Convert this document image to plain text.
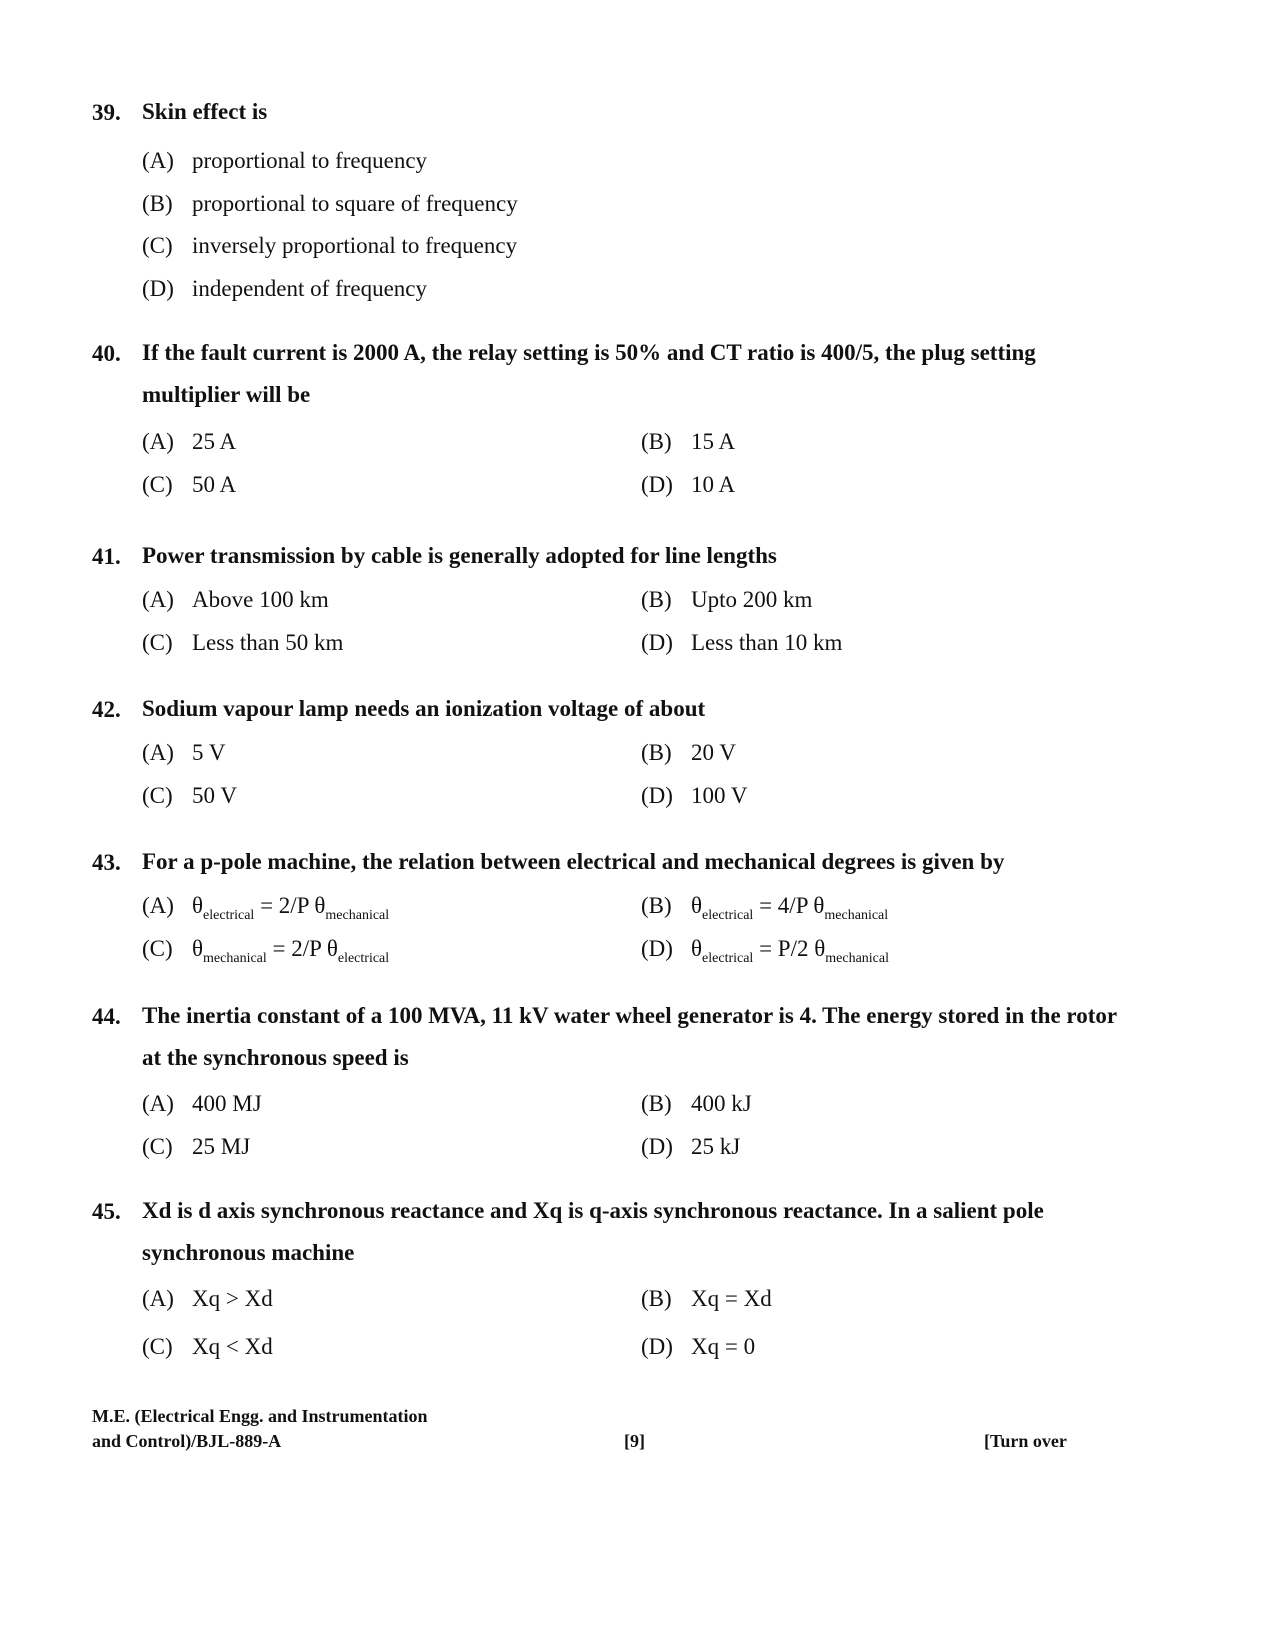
39. Skin effect is
(A) proportional to frequency
(B) proportional to square of frequency
(C) inversely proportional to frequency
(D) independent of frequency
40. If the fault current is 2000 A, the relay setting is 50% and CT ratio is 400/5, the plug setting multiplier will be
(A) 25 A	(B) 15 A
(C) 50 A	(D) 10 A
41. Power transmission by cable is generally adopted for line lengths
(A) Above 100 km	(B) Upto 200 km
(C) Less than 50 km	(D) Less than 10 km
42. Sodium vapour lamp needs an ionization voltage of about
(A) 5 V	(B) 20 V
(C) 50 V	(D) 100 V
43. For a p-pole machine, the relation between electrical and mechanical degrees is given by
(A) $\theta_{electrical} = 2/P$ $\theta_{mechanical}$	(B) $\theta_{electrical} = 4/P$ $\theta_{mechanical}$
(C) $\theta_{mechanical} = 2/P$ $\theta_{electrical}$	(D) $\theta_{electrical} = P/2$ $\theta_{mechanical}$
44. The inertia constant of a 100 MVA, 11 kV water wheel generator is 4. The energy stored in the rotor at the synchronous speed is
(A) 400 MJ	(B) 400 kJ
(C) 25 MJ	(D) 25 kJ
45. Xd is d axis synchronous reactance and Xq is q-axis synchronous reactance. In a salient pole synchronous machine
(A) Xq > Xd	(B) Xq = Xd
(C) Xq < Xd	(D) Xq = 0
M.E. (Electrical Engg. and Instrumentation
and Control)/BJL-889-A	[9]	[Turn over
